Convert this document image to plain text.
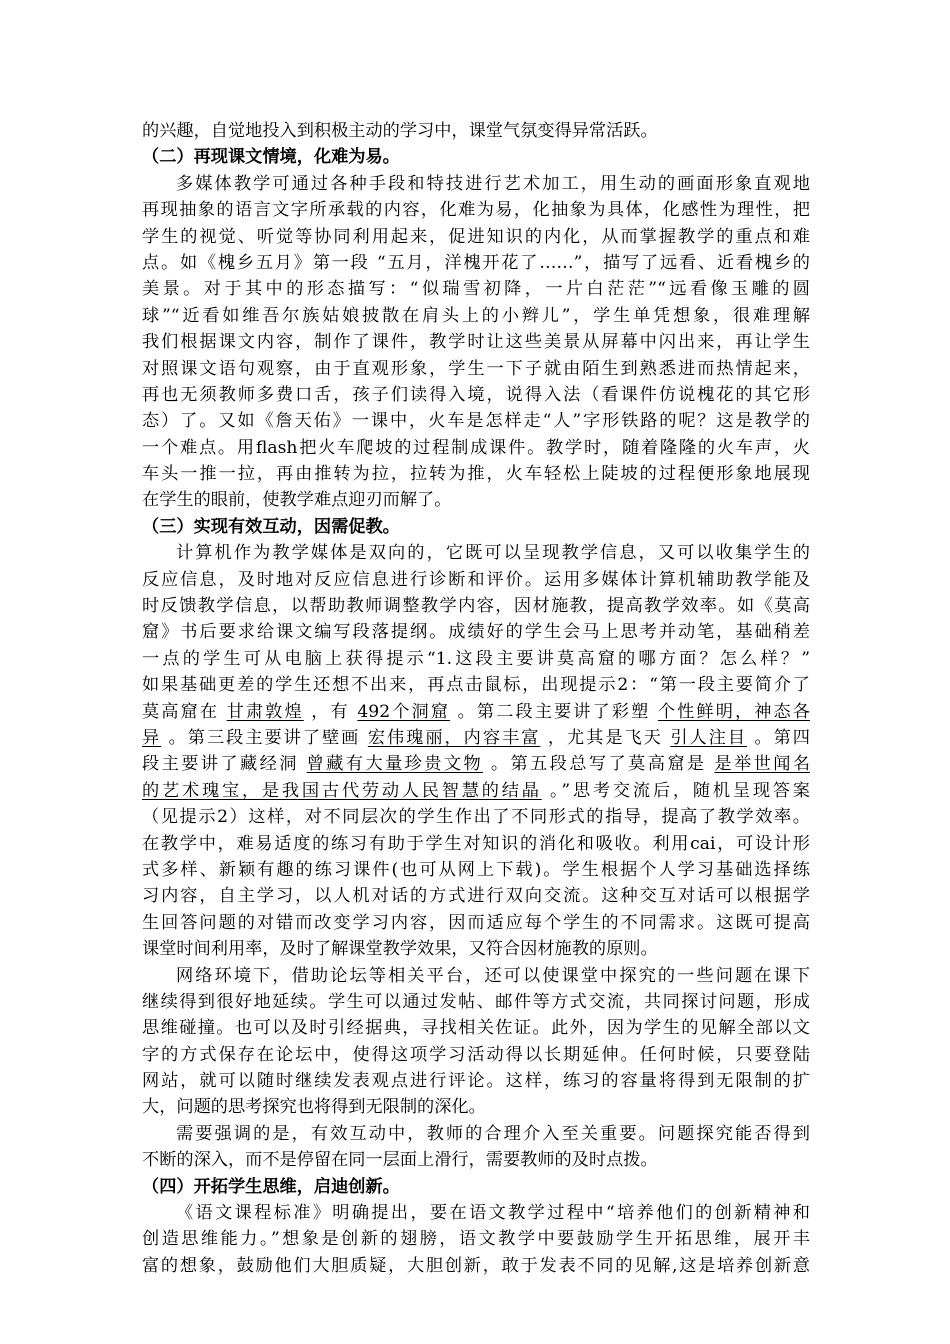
的兴趣，自觉地投入到积极主动的学习中，课堂气氛变得异常活跃。
（二）再现课文情境，化难为易。
多媒体教学可通过各种手段和特技进行艺术加工，用生动的画面形象直观地
再现抽象的语言文字所承载的内容，化难为易，化抽象为具体，化感性为理性，把
学生的视觉、听觉等协同利用起来，促进知识的内化，从而掌握教学的重点和难
点。如《槐乡五月》第一段 “五月，洋槐开花了……”，描写了远看、近看槐乡的
美景。对于其中的形态描写：“似瑞雪初降，一片白茫茫”“远看像玉雕的圆
球”“近看如维吾尔族姑娘披散在肩头上的小辫儿”，学生单凭想象，很难理解
我们根据课文内容，制作了课件，教学时让这些美景从屏幕中闪出来，再让学生
对照课文语句观察，由于直观形象，学生一下子就由陌生到熟悉进而热情起来，
再也无须教师多费口舌，孩子们读得入境，说得入法（看课件仿说槐花的其它形
态）了。又如《詹天佑》一课中，火车是怎样走“人”字形铁路的呢？这是教学的
一个难点。用flash把火车爬坡的过程制成课件。教学时，随着隆隆的火车声，火
车头一推一拉，再由推转为拉，拉转为推，火车轻松上陡坡的过程便形象地展现
在学生的眼前，使教学难点迎刃而解了。
（三）实现有效互动，因需促教。
计算机作为教学媒体是双向的，它既可以呈现教学信息，又可以收集学生的
反应信息，及时地对反应信息进行诊断和评价。运用多媒体计算机辅助教学能及
时反馈教学信息，以帮助教师调整教学内容，因材施教，提高教学效率。如《莫高
窟》书后要求给课文编写段落提纲。成绩好的学生会马上思考并动笔，基础稍差
一点的学生可从电脑上获得提示“1.这段主要讲莫高窟的哪方面？怎么样？”
如果基础更差的学生还想不出来，再点击鼠标，出现提示2：“第一段主要简介了
莫高窟在 甘肃敦煌 ，有 492个洞窟 。第二段主要讲了彩塑 个性鲜明，神态各
异 。第三段主要讲了壁画 宏伟瑰丽，内容丰富 ，尤其是飞天 引人注目 。第四
段主要讲了藏经洞 曾藏有大量珍贵文物 。第五段总写了莫高窟是 是举世闻名
的艺术瑰宝，是我国古代劳动人民智慧的结晶 。”思考交流后，随机呈现答案
（见提示2）这样，对不同层次的学生作出了不同形式的指导，提高了教学效率。
在教学中，难易适度的练习有助于学生对知识的消化和吸收。利用cai，可设计形
式多样、新颖有趣的练习课件(也可从网上下载)。学生根据个人学习基础选择练
习内容，自主学习，以人机对话的方式进行双向交流。这种交互对话可以根据学
生回答问题的对错而改变学习内容，因而适应每个学生的不同需求。这既可提高
课堂时间利用率，及时了解课堂教学效果，又符合因材施教的原则。
网络环境下，借助论坛等相关平台，还可以使课堂中探究的一些问题在课下
继续得到很好地延续。学生可以通过发帖、邮件等方式交流，共同探讨问题，形成
思维碰撞。也可以及时引经据典，寻找相关佐证。此外，因为学生的见解全部以文
字的方式保存在论坛中，使得这项学习活动得以长期延伸。任何时候，只要登陆
网站，就可以随时继续发表观点进行评论。这样，练习的容量将得到无限制的扩
大，问题的思考探究也将得到无限制的深化。
需要强调的是，有效互动中，教师的合理介入至关重要。问题探究能否得到
不断的深入，而不是停留在同一层面上滑行，需要教师的及时点拨。
（四）开拓学生思维，启迪创新。
《语文课程标准》明确提出，要在语文教学过程中“培养他们的创新精神和
创造思维能力。”想象是创新的翅膀，语文教学中要鼓励学生开拓思维，展开丰
富的想象，鼓励他们大胆质疑，大胆创新，敢于发表不同的见解,这是培养创新意
